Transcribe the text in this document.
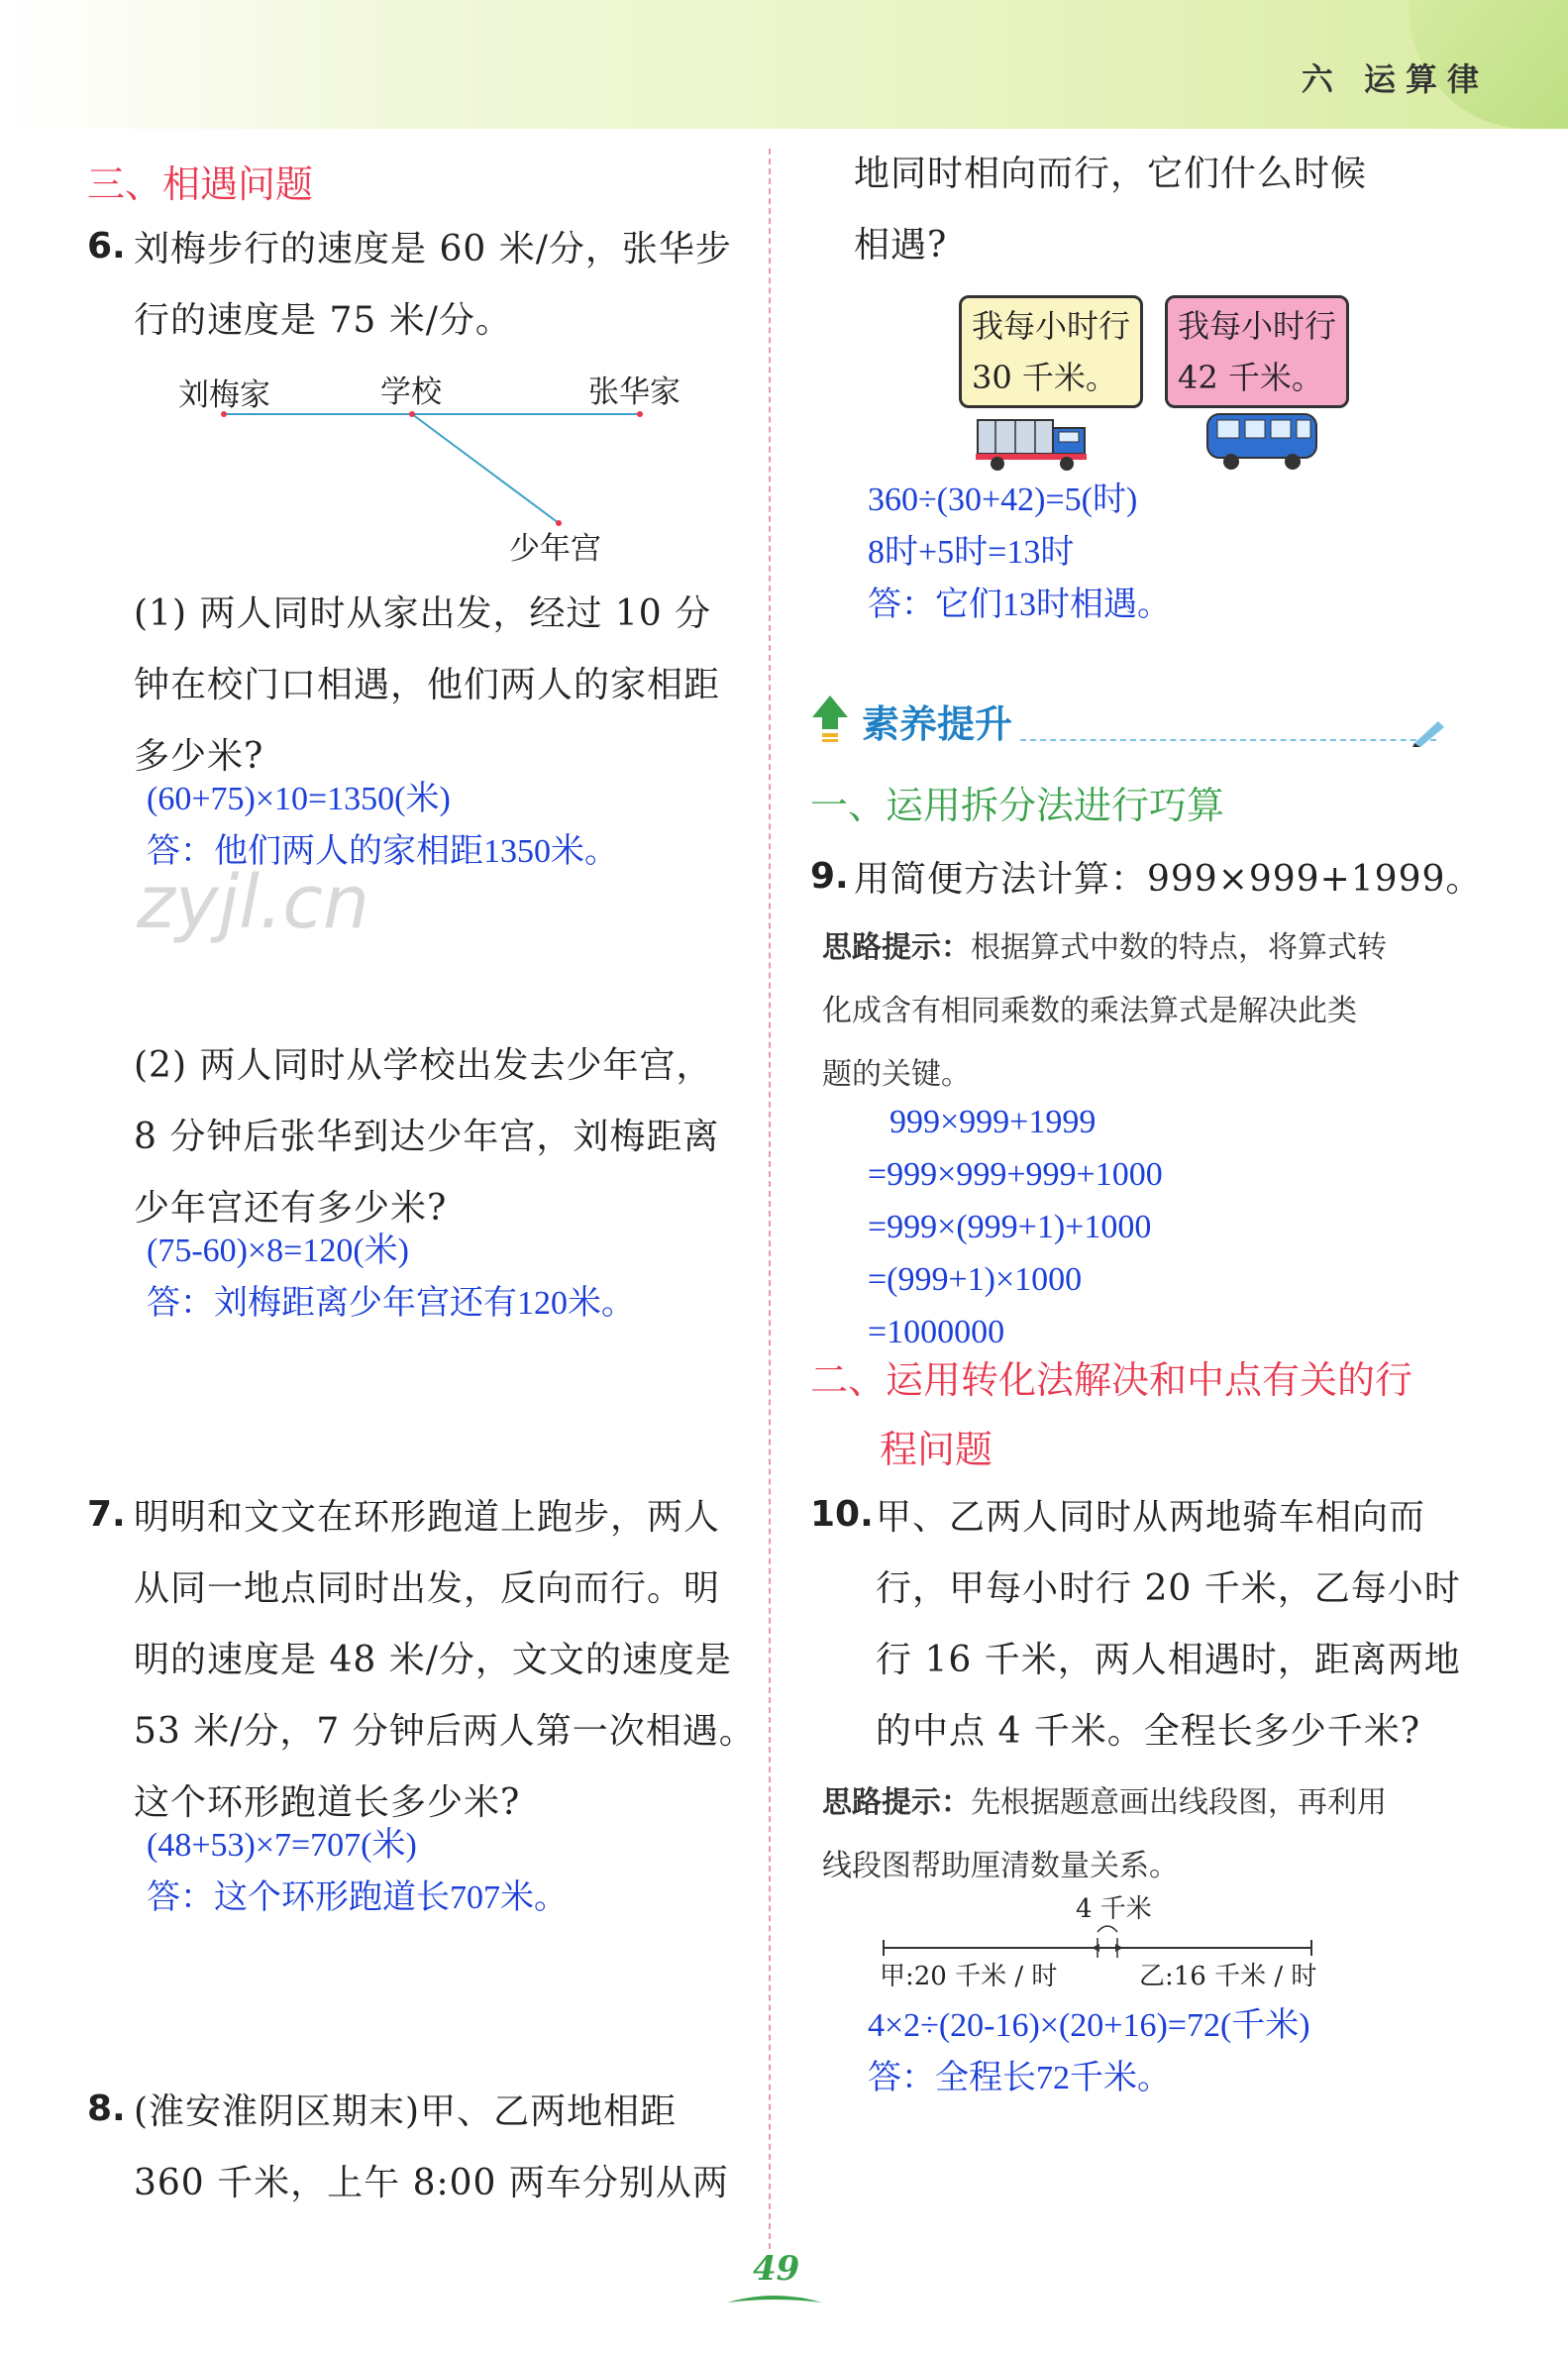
六 运算律
三、相遇问题
6. 刘梅步行的速度是 60 米/分，张华步
行的速度是 75 米/分。
刘梅家	学校	张华家
少年宫
(1) 两人同时从家出发，经过 10 分
钟在校门口相遇，他们两人的家相距
多少米?
(60+75)×10=1350(米)
答：他们两人的家相距1350米。
zyjl.cn
(2) 两人同时从学校出发去少年宫，
8 分钟后张华到达少年宫，刘梅距离
少年宫还有多少米?
(75-60)×8=120(米)
答：刘梅距离少年宫还有120米。
7. 明明和文文在环形跑道上跑步，两人
从同一地点同时出发，反向而行。明
明的速度是 48 米/分，文文的速度是
53 米/分，7 分钟后两人第一次相遇。
这个环形跑道长多少米?
(48+53)×7=707(米)
答：这个环形跑道长707米。
8. (淮安淮阴区期末)甲、乙两地相距
360 千米，上午 8:00 两车分别从两
地同时相向而行，它们什么时候
相遇?
我每小时行
30 千米。
我每小时行
42 千米。
360÷(30+42)=5(时)
8时+5时=13时
答：它们13时相遇。
素养提升
一、运用拆分法进行巧算
9. 用简便方法计算：999×999+1999。
思路提示：根据算式中数的特点，将算式转
化成含有相同乘数的乘法算式是解决此类
题的关键。
999×999+1999
=999×999+999+1000
=999×(999+1)+1000
=(999+1)×1000
=1000000
二、运用转化法解决和中点有关的行
程问题
10. 甲、乙两人同时从两地骑车相向而
行，甲每小时行 20 千米，乙每小时
行 16 千米，两人相遇时，距离两地
的中点 4 千米。全程长多少千米?
思路提示：先根据题意画出线段图，再利用
线段图帮助厘清数量关系。
4 千米
甲:20 千米 / 时	乙:16 千米 / 时
4×2÷(20-16)×(20+16)=72(千米)
答：全程长72千米。
49
